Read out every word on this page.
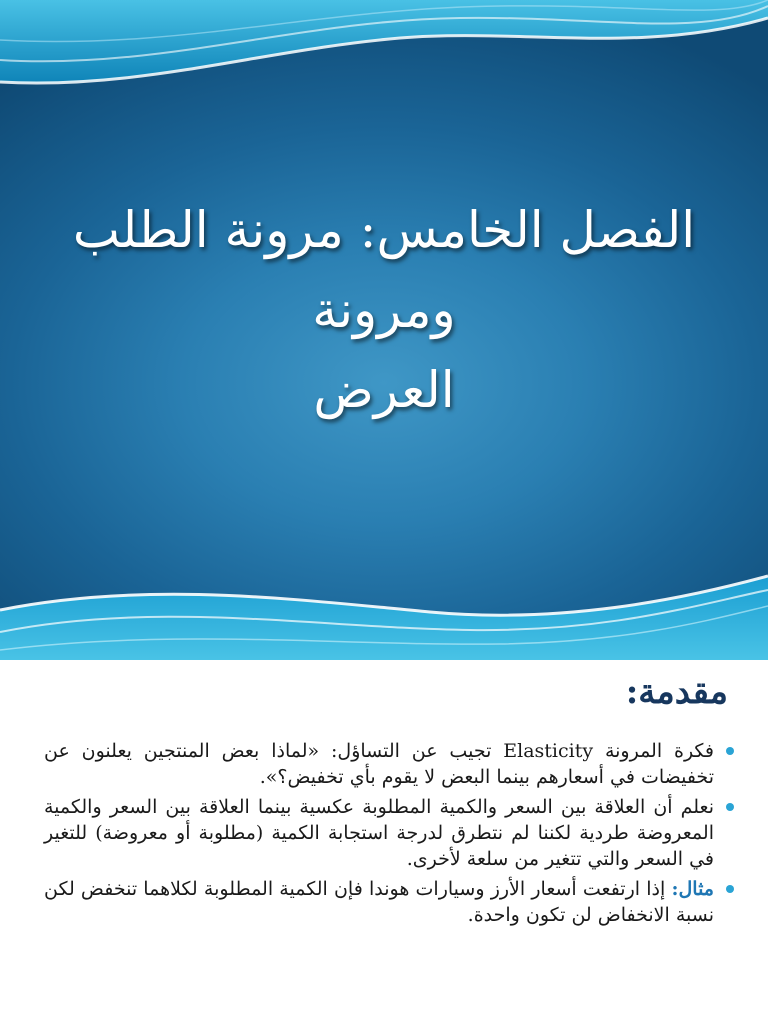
الفصل الخامس: مرونة الطلب ومرونة
العرض
مقدمة:
فكرة المرونة Elasticity تجيب عن التساؤل: «لماذا بعض المنتجين يعلنون عن تخفيضات في أسعارهم بينما البعض لا يقوم بأي تخفيض؟».
نعلم أن العلاقة بين السعر والكمية المطلوبة عكسية بينما العلاقة بين السعر والكمية المعروضة طردية لكننا لم نتطرق لدرجة استجابة الكمية (مطلوبة أو معروضة) للتغير في السعر والتي تتغير من سلعة لأخرى.
مثال: إذا ارتفعت أسعار الأرز وسيارات هوندا فإن الكمية المطلوبة لكلاهما تنخفض لكن نسبة الانخفاض لن تكون واحدة.
